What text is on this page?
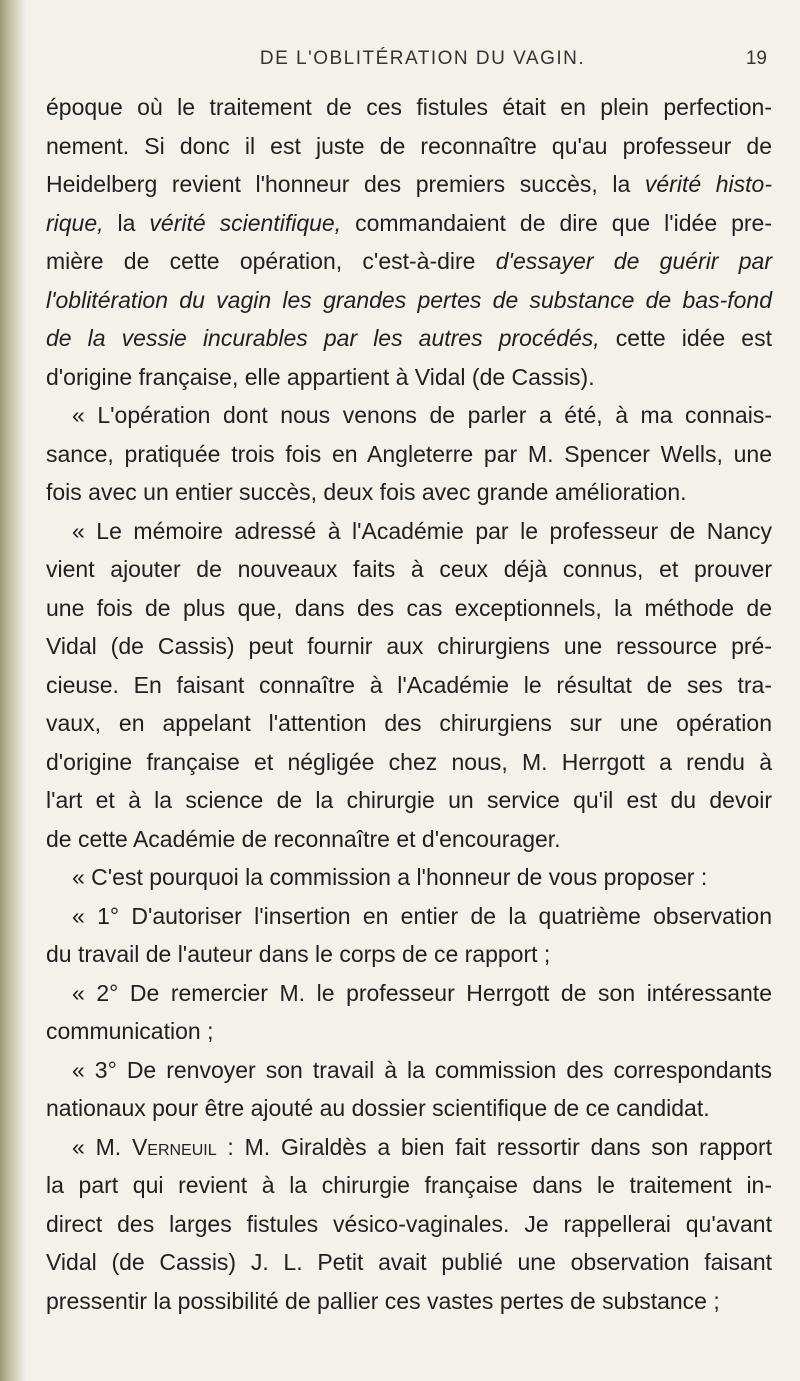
DE L'OBLITÉRATION DU VAGIN.	19

époque où le traitement de ces fistules était en plein perfection-

nement. Si donc il est juste de reconnaître qu'au professeur de

Heidelberg revient l'honneur des premiers succès, la vérité histo-

rique, la vérité scientifique, commandaient de dire que l'idée pre-

mière de cette opération, c'est-à-dire d'essayer de guérir par

l'oblitération du vagin les grandes pertes de substance de bas-fond

de la vessie incurables par les autres procédés, cette idée est

d'origine française, elle appartient à Vidal (de Cassis).

« L'opération dont nous venons de parler a été, à ma connais-

sance, pratiquée trois fois en Angleterre par M. Spencer Wells, une

fois avec un entier succès, deux fois avec grande amélioration.

« Le mémoire adressé à l'Académie par le professeur de Nancy

vient ajouter de nouveaux faits à ceux déjà connus, et prouver

une fois de plus que, dans des cas exceptionnels, la méthode de

Vidal (de Cassis) peut fournir aux chirurgiens une ressource pré-

cieuse. En faisant connaître à l'Académie le résultat de ses tra-

vaux, en appelant l'attention des chirurgiens sur une opération

d'origine française et négligée chez nous, M. Herrgott a rendu à

l'art et à la science de la chirurgie un service qu'il est du devoir

de cette Académie de reconnaître et d'encourager.

« C'est pourquoi la commission a l'honneur de vous proposer :

« 1° D'autoriser l'insertion en entier de la quatrième observation

du travail de l'auteur dans le corps de ce rapport ;

« 2° De remercier M. le professeur Herrgott de son intéressante

communication ;

« 3° De renvoyer son travail à la commission des correspondants

nationaux pour être ajouté au dossier scientifique de ce candidat.

« M. Verneuil : M. Giraldès a bien fait ressortir dans son rapport

la part qui revient à la chirurgie française dans le traitement in-

direct des larges fistules vésico-vaginales. Je rappellerai qu'avant

Vidal (de Cassis) J. L. Petit avait publié une observation faisant

pressentir la possibilité de pallier ces vastes pertes de substance ;
